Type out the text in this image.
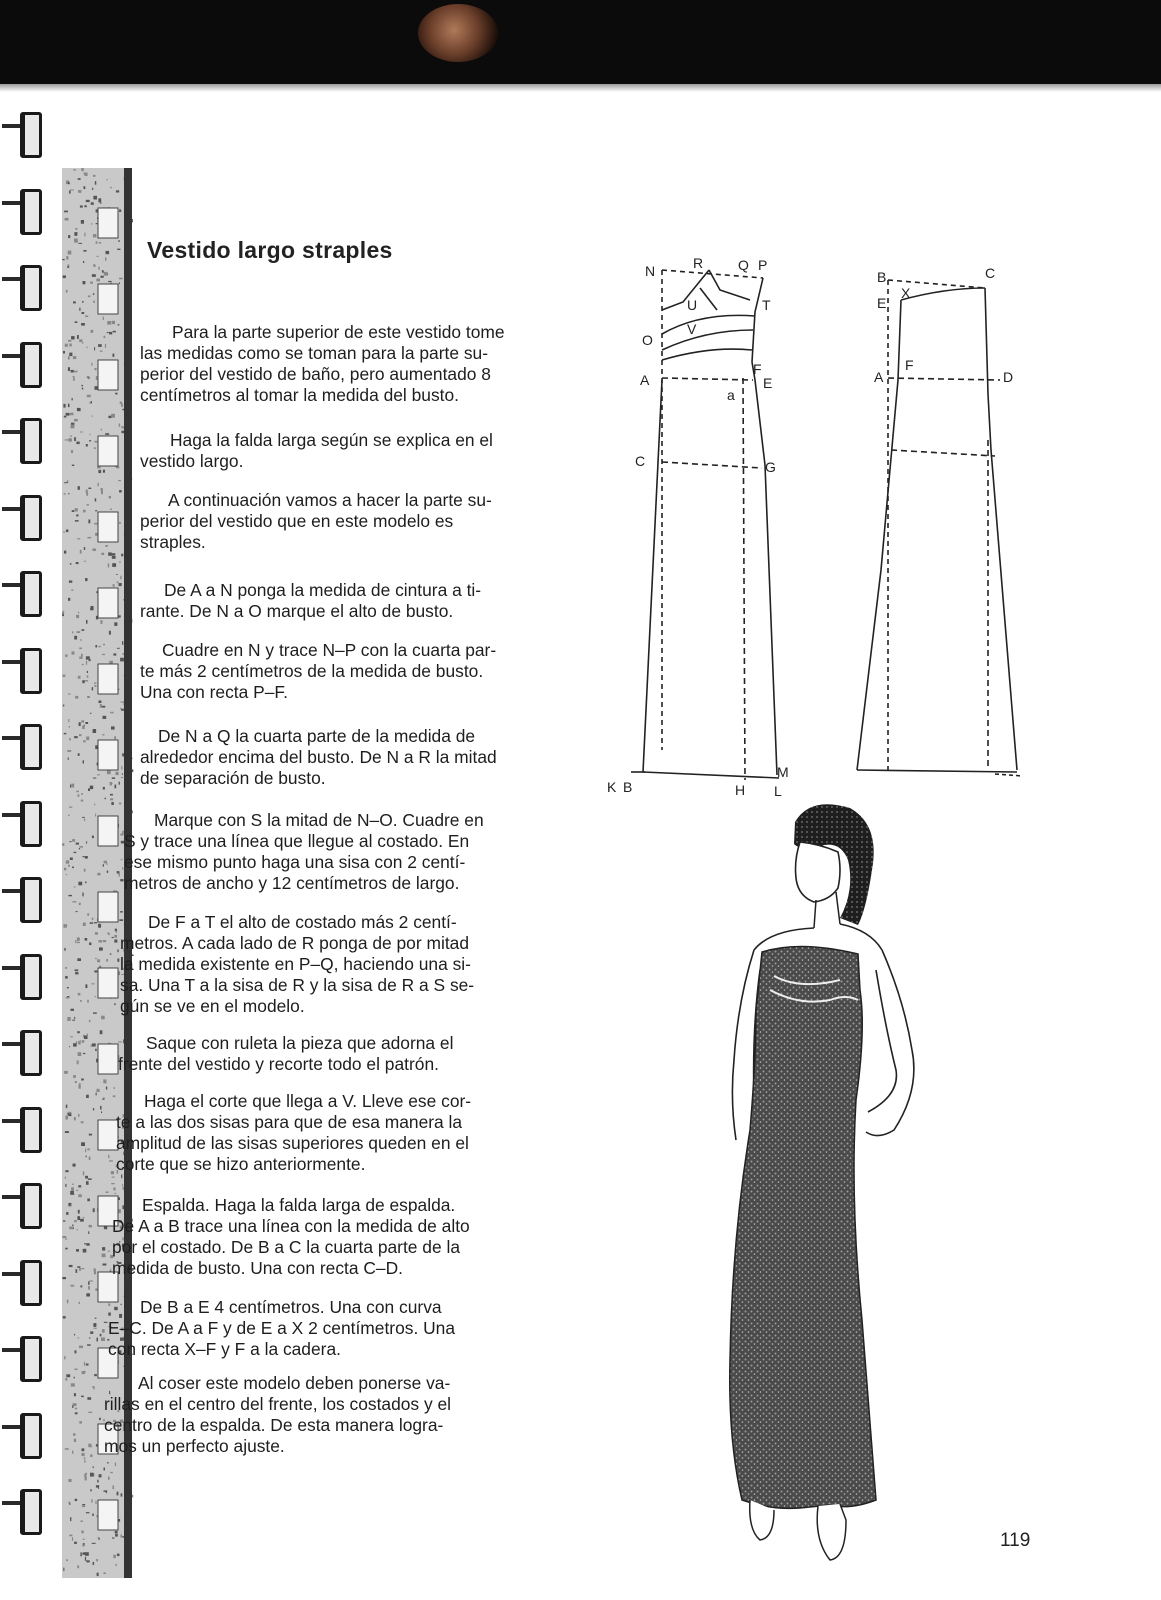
Vestido largo straples
Para la parte superior de este vestido tome
las medidas como se toman para la parte su-
perior del vestido de baño, pero aumentado 8
centímetros al tomar la medida del busto.
Haga la falda larga según se explica en el
vestido largo.
A continuación vamos a hacer la parte su-
perior del vestido que en este modelo es
straples.
De A a N ponga la medida de cintura a ti-
rante. De N a O marque el alto de busto.
Cuadre en N y trace N–P con la cuarta par-
te más 2 centímetros de la medida de busto.
Una con recta P–F.
De N a Q la cuarta parte de la medida de
alrededor encima del busto. De N a R la mitad
de separación de busto.
Marque con S la mitad de N–O. Cuadre en
S y trace una línea que llegue al costado. En
ese mismo punto haga una sisa con 2 centí-
metros de ancho y 12 centímetros de largo.
De F a T el alto de costado más 2 centí-
metros. A cada lado de R ponga de por mitad
la medida existente en P–Q, haciendo una si-
sa. Una T a la sisa de R y la sisa de R a S se-
gún se ve en el modelo.
Saque con ruleta la pieza que adorna el
frente del vestido y recorte todo el patrón.
Haga el corte que llega a V. Lleve ese cor-
te a las dos sisas para que de esa manera la
amplitud de las sisas superiores queden en el
corte que se hizo anteriormente.
Espalda. Haga la falda larga de espalda.
De A a B trace una línea con la medida de alto
por el costado. De B a C la cuarta parte de la
medida de busto. Una con recta C–D.
De B a E 4 centímetros. Una con curva
E–C. De A a F y de E a X 2 centímetros. Una
con recta X–F y F a la cadera.
Al coser este modelo deben ponerse va-
rillas en el centro del frente, los costados y el
centro de la espalda. De esta manera logra-
mos un perfecto ajuste.
119
N	R Q P
T
U
V
O
A
F
E
a
C	G
K B	H
M
L
B	C
E
X
F
A	D
